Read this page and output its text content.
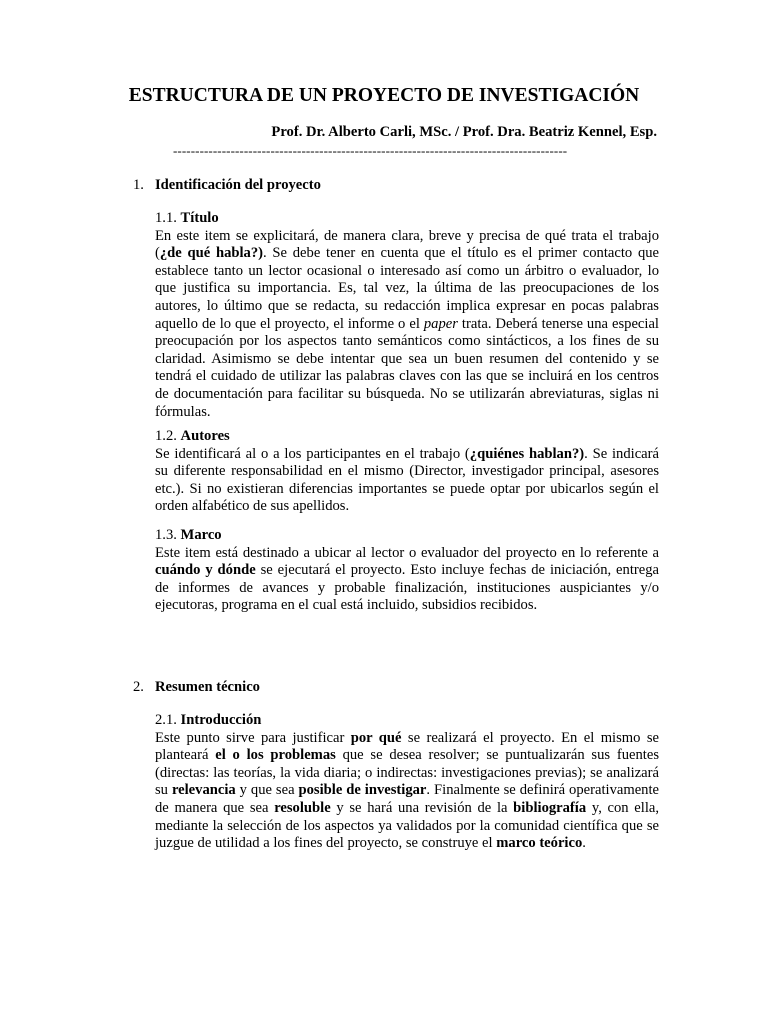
ESTRUCTURA DE UN PROYECTO DE INVESTIGACIÓN
Prof. Dr. Alberto Carli, MSc. / Prof. Dra. Beatriz Kennel, Esp.
-----------------------------------------------------------------------------------------
1. Identificación del proyecto
1.1. Título
En este item se explicitará, de manera clara, breve y precisa de qué trata el trabajo (¿de qué habla?). Se debe tener en cuenta que el título es el primer contacto que establece tanto un lector ocasional o interesado así como un árbitro o evaluador, lo que justifica su importancia. Es, tal vez, la última de las preocupaciones de los autores, lo último que se redacta, su redacción implica expresar en pocas palabras aquello de lo que el proyecto, el informe o el paper trata. Deberá tenerse una especial preocupación por los aspectos tanto semánticos como sintácticos, a los fines de su claridad. Asimismo se debe intentar que sea un buen resumen del contenido y se tendrá el cuidado de utilizar las palabras claves con las que se incluirá en los centros de documentación para facilitar su búsqueda. No se utilizarán abreviaturas, siglas ni fórmulas.
1.2. Autores
Se identificará al o a los participantes en el trabajo (¿quiénes hablan?). Se indicará su diferente responsabilidad en el mismo (Director, investigador principal, asesores etc.). Si no existieran diferencias importantes se puede optar por ubicarlos según el orden alfabético de sus apellidos.
1.3. Marco
Este item está destinado a ubicar al lector o evaluador del proyecto en lo referente a cuándo y dónde se ejecutará el proyecto. Esto incluye fechas de iniciación, entrega de informes de avances y probable finalización, instituciones auspiciantes y/o ejecutoras, programa en el cual está incluido, subsidios recibidos.
2. Resumen técnico
2.1. Introducción
Este punto sirve para justificar por qué se realizará el proyecto. En el mismo se planteará el o los problemas que se desea resolver; se puntualizarán sus fuentes (directas: las teorías, la vida diaria; o indirectas: investigaciones previas); se analizará su relevancia y que sea posible de investigar. Finalmente se definirá operativamente de manera que sea resoluble y se hará una revisión de la bibliografía y, con ella, mediante la selección de los aspectos ya validados por la comunidad científica que se juzgue de utilidad a los fines del proyecto, se construye el marco teórico.
